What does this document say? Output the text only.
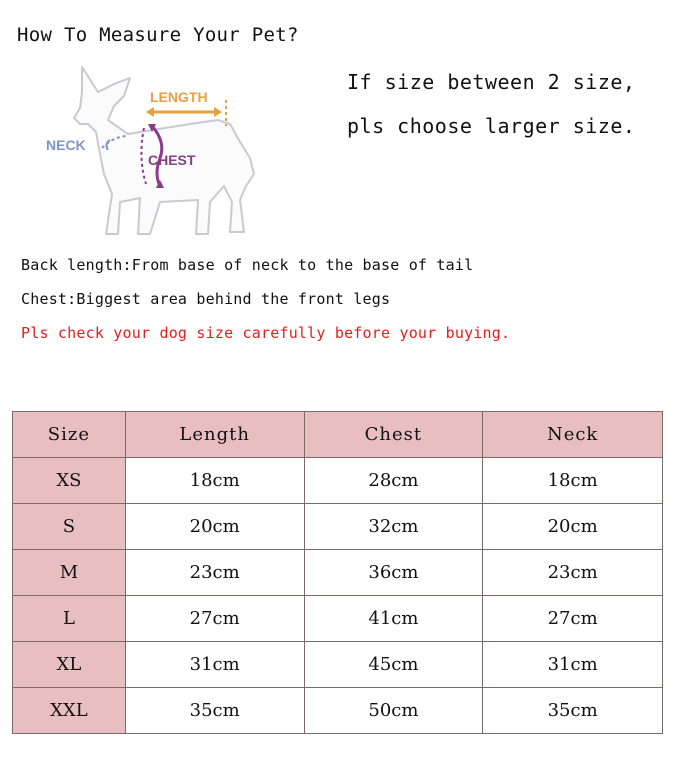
How To Measure Your Pet?
LENGTH
NECK
CHEST
If size between 2 size,
pls choose larger size.
Back length:From base of neck to the base of tail
Chest:Biggest area behind the front legs
Pls check your dog size carefully before your buying.
Size	Length	Chest	Neck
XS	18cm	28cm	18cm
S	20cm	32cm	20cm
M	23cm	36cm	23cm
L	27cm	41cm	27cm
XL	31cm	45cm	31cm
XXL	35cm	50cm	35cm
